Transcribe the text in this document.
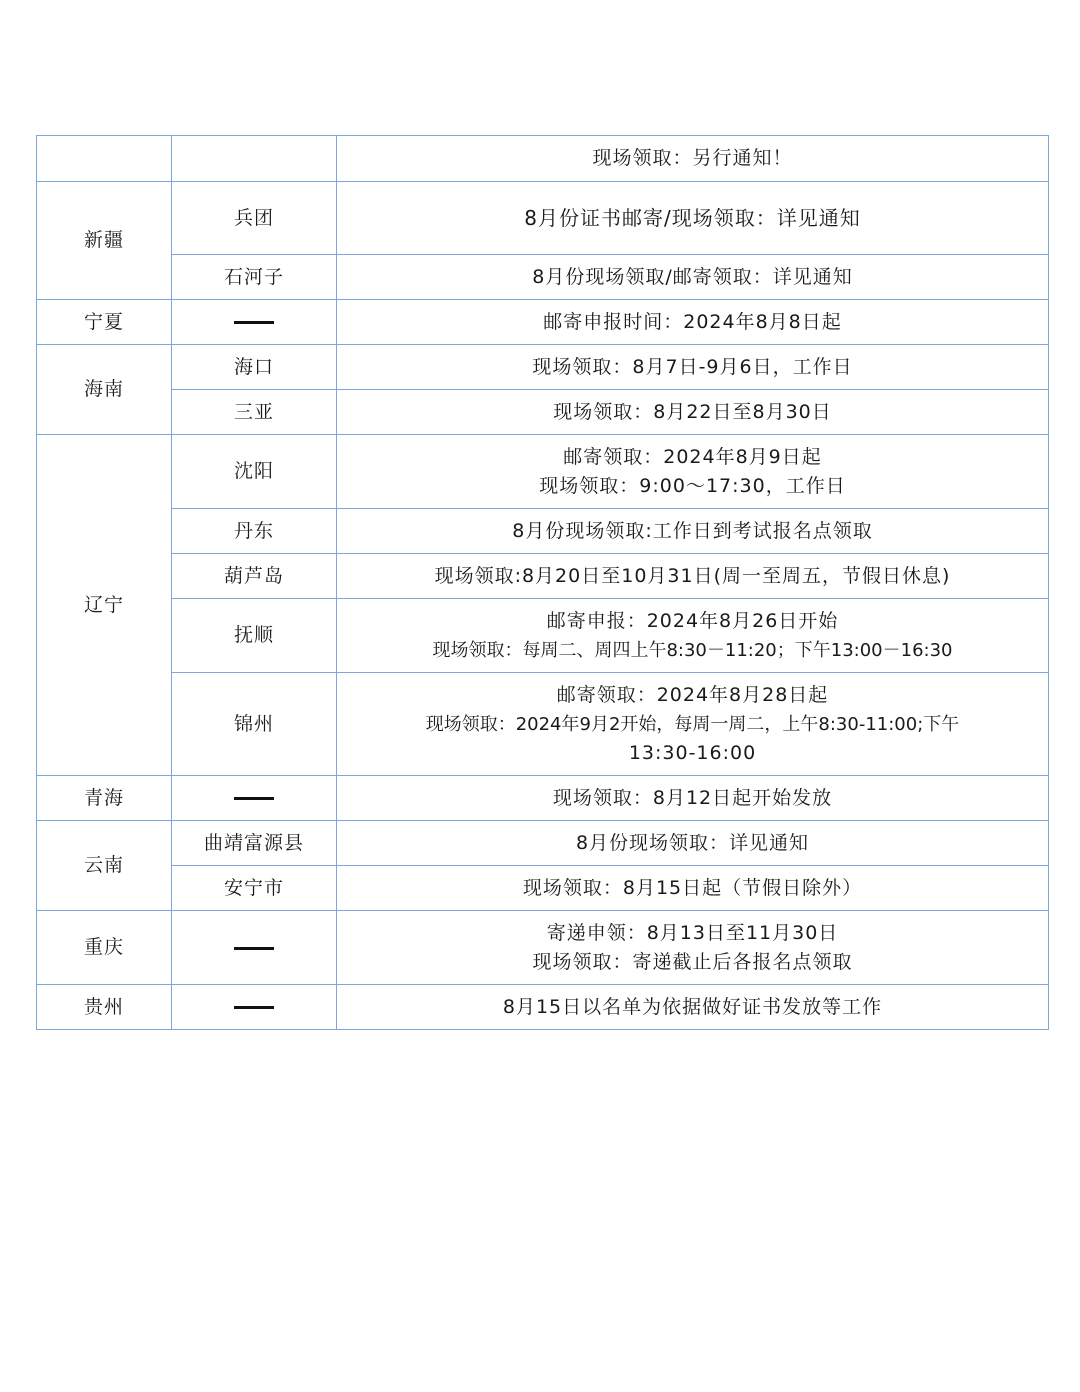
		现场领取：另行通知！

新疆	兵团	8月份证书邮寄/现场领取：详见通知

	石河子	8月份现场领取/邮寄领取：详见通知

宁夏		邮寄申报时间：2024年8月8日起

海南	海口	现场领取：8月7日-9月6日，工作日

	三亚	现场领取：8月22日至8月30日

辽宁	沈阳	邮寄领取：2024年8月9日起
现场领取：9:00～17:30，工作日

	丹东	8月份现场领取:工作日到考试报名点领取

	葫芦岛	现场领取:8月20日至10月31日(周一至周五，节假日休息)

	抚顺	邮寄申报：2024年8月26日开始
现场领取：每周二、周四上午8:30－11:20；下午13:00－16:30

	锦州	邮寄领取：2024年8月28日起
现场领取：2024年9月2开始，每周一周二，上午8:30-11:00;下午
13:30-16:00

青海		现场领取：8月12日起开始发放

云南	曲靖富源县	8月份现场领取：详见通知

	安宁市	现场领取：8月15日起（节假日除外）

重庆		寄递申领：8月13日至11月30日
现场领取：寄递截止后各报名点领取

贵州		8月15日以名单为依据做好证书发放等工作
